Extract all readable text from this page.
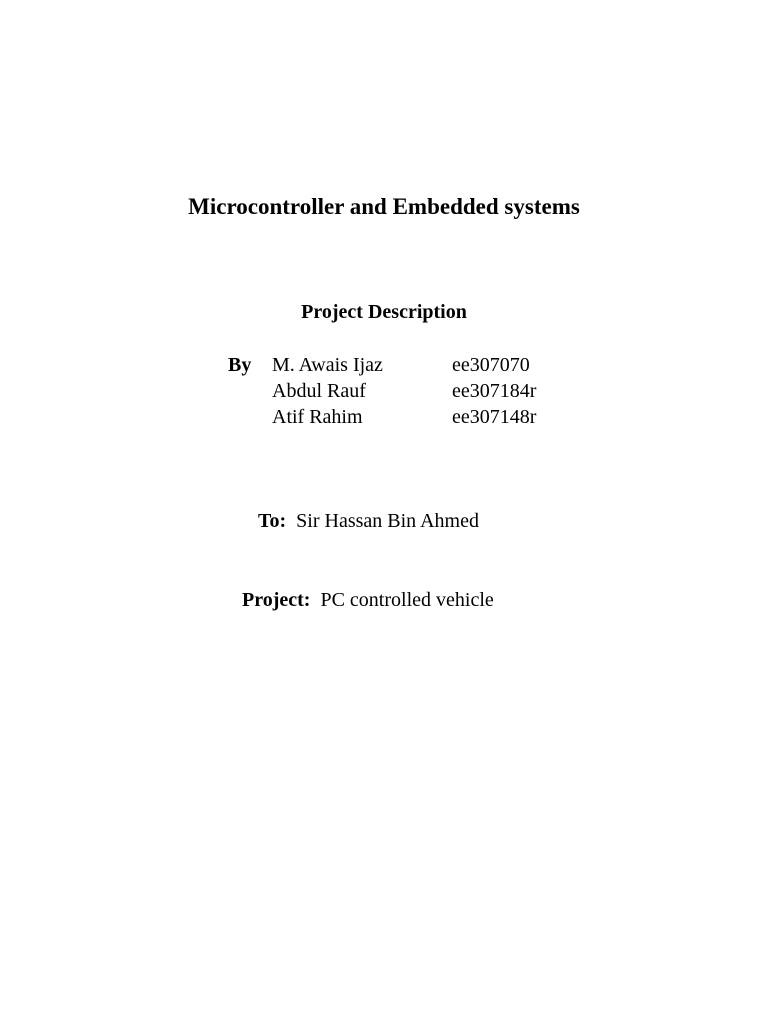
Microcontroller and Embedded systems
Project Description
By M. Awais Ijaz	ee307070
Abdul Rauf	ee307184r
Atif Rahim	ee307148r
To: Sir Hassan Bin Ahmed
Project: PC controlled vehicle
